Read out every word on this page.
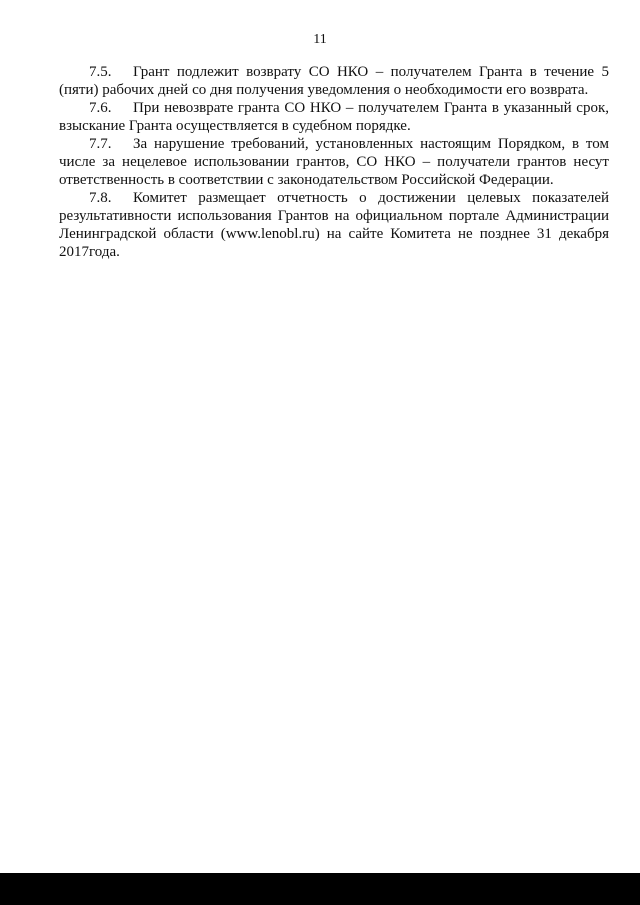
11

7.5. Грант подлежит возврату СО НКО – получателем Гранта в течение 5 (пяти) рабочих дней со дня получения уведомления о необходимости его возврата.

7.6. При невозврате гранта СО НКО – получателем Гранта в указанный срок, взыскание Гранта осуществляется в судебном порядке.

7.7. За нарушение требований, установленных настоящим Порядком, в том числе за нецелевое использовании грантов, СО НКО – получатели грантов несут ответственность в соответствии с законодательством Российской Федерации.

7.8. Комитет размещает отчетность о достижении целевых показателей результативности использования Грантов на официальном портале Администрации Ленинградской области (www.lenobl.ru) на сайте Комитета не позднее 31 декабря 2017года.
